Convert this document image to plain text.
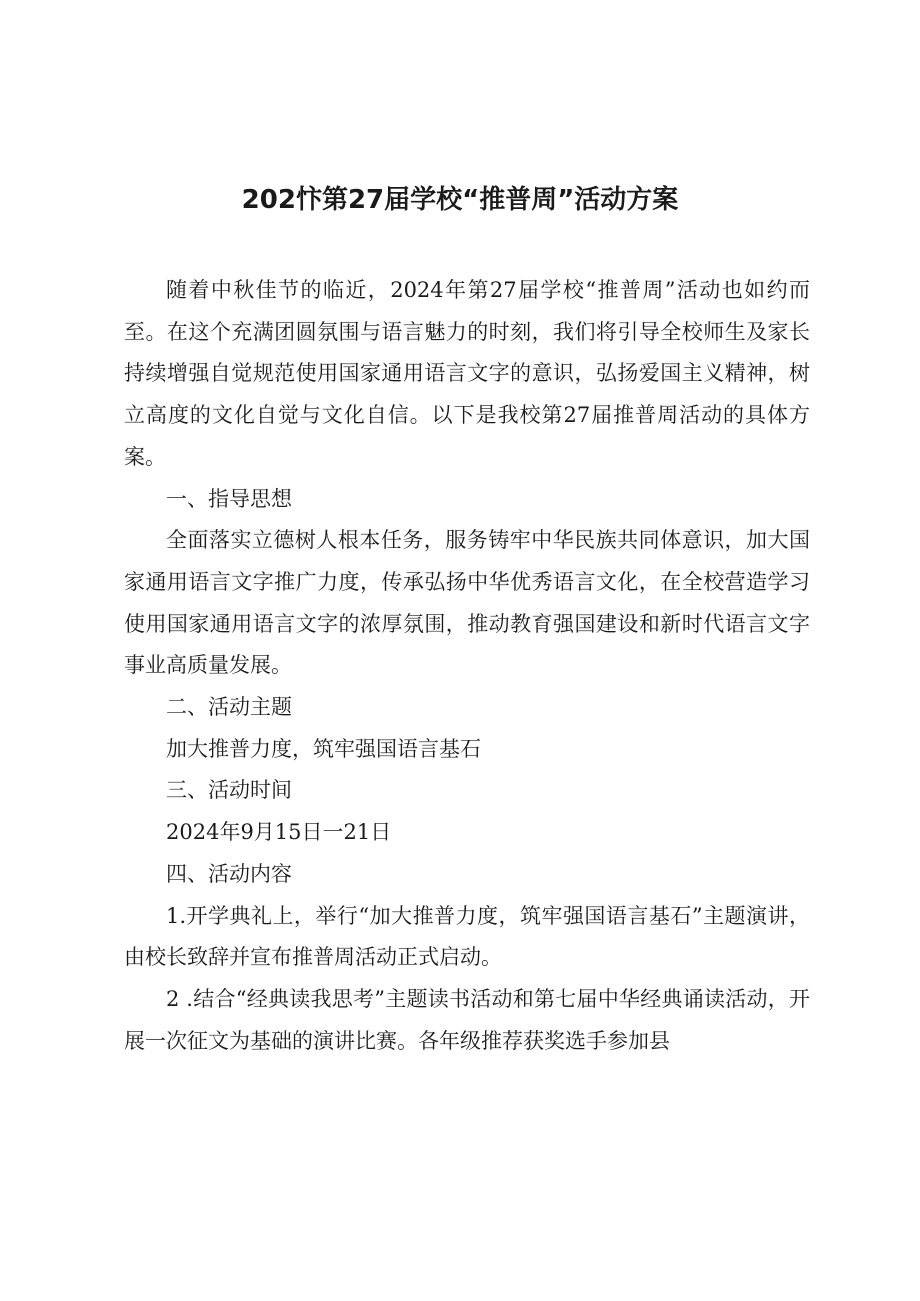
202忭第27届学校“推普周”活动方案

随着中秋佳节的临近，2024年第27届学校“推普周”活动也如约而至。在这个充满团圆氛围与语言魅力的时刻，我们将引导全校师生及家长持续增强自觉规范使用国家通用语言文字的意识，弘扬爱国主义精神，树立高度的文化自觉与文化自信。以下是我校第27届推普周活动的具体方案。

一、指导思想

全面落实立德树人根本任务，服务铸牢中华民族共同体意识，加大国家通用语言文字推广力度，传承弘扬中华优秀语言文化，在全校营造学习使用国家通用语言文字的浓厚氛围，推动教育强国建设和新时代语言文字事业高质量发展。

二、活动主题

加大推普力度，筑牢强国语言基石

三、活动时间

2024年9月15日一21日

四、活动内容

1.开学典礼上，举行“加大推普力度，筑牢强国语言基石”主题演讲，由校长致辞并宣布推普周活动正式启动。

2 .结合“经典读我思考”主题读书活动和第七届中华经典诵读活动，开展一次征文为基础的演讲比赛。各年级推荐获奖选手参加县
